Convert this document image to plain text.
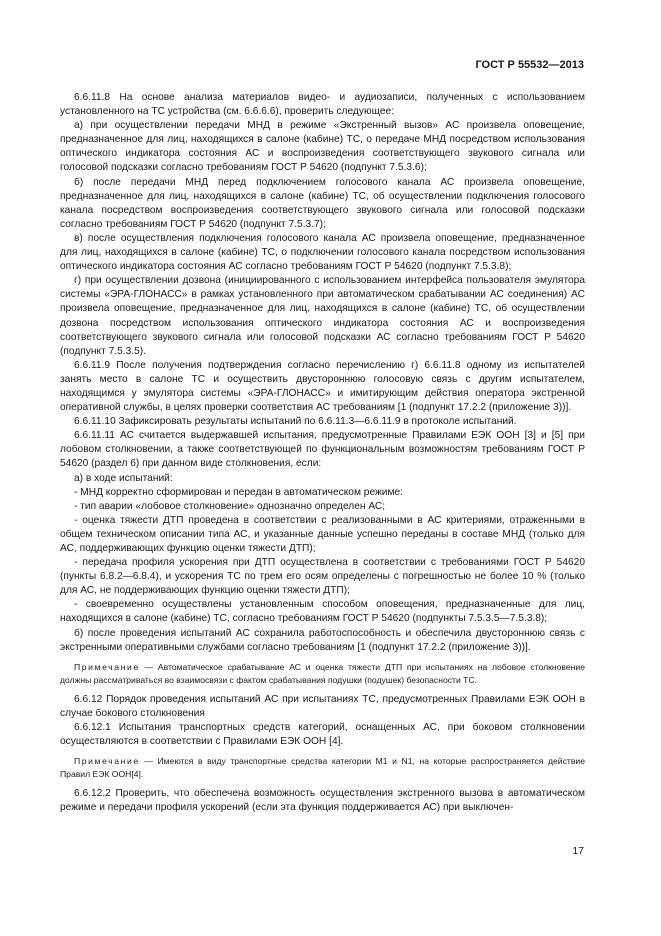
ГОСТ Р 55532—2013

6.6.11.8 На основе анализа материалов видео- и аудиозаписи, полученных с использованием установленного на ТС устройства (см. 6.6.6.6), проверить следующее:

а) при осуществлении передачи МНД в режиме «Экстренный вызов» АС произвела оповещение, предназначенное для лиц, находящихся в салоне (кабине) ТС, о передаче МНД посредством использования оптического индикатора состояния АС и воспроизведения соответствующего звукового сигнала или голосовой подсказки согласно требованиям ГОСТ Р 54620 (подпункт 7.5.3.6);

б) после передачи МНД перед подключением голосового канала АС произвела оповещение, предназначенное для лиц, находящихся в салоне (кабине) ТС, об осуществлении подключения голосового канала посредством воспроизведения соответствующего звукового сигнала или голосовой подсказки согласно требованиям ГОСТ Р 54620 (подпункт 7.5.3.7);

в) после осуществления подключения голосового канала АС произвела оповещение, предназначенное для лиц, находящихся в салоне (кабине) ТС, о подключении голосового канала посредством использования оптического индикатора состояния АС согласно требованиям ГОСТ Р 54620 (подпункт 7.5.3.8);

г) при осуществлении дозвона (инициированного с использованием интерфейса пользователя эмулятора системы «ЭРА-ГЛОНАСС» в рамках установленного при автоматическом срабатывании АС соединения) АС произвела оповещение, предназначенное для лиц, находящихся в салоне (кабине) ТС, об осуществлении дозвона посредством использования оптического индикатора состояния АС и воспроизведения соответствующего звукового сигнала или голосовой подсказки АС согласно требованиям ГОСТ Р 54620 (подпункт 7.5.3.5).

6.6.11.9 После получения подтверждения согласно перечислению г) 6.6.11.8 одному из испытателей занять место в салоне ТС и осуществить двустороннюю голосовую связь с другим испытателем, находящимся у эмулятора системы «ЭРА-ГЛОНАСС» и имитирующим действия оператора экстренной оперативной службы, в целях проверки соответствия АС требованиям [1 (подпункт 17.2.2 (приложение 3))].

6.6.11.10 Зафиксировать результаты испытаний по 6.6.11.3—6.6.11.9 в протоколе испытаний.

6.6.11.11 АС считается выдержавшей испытания, предусмотренные Правилами ЕЭК ООН [3] и [5] при лобовом столкновении, а также соответствующей по функциональным возможностям требованиям ГОСТ Р 54620 (раздел 6) при данном виде столкновения, если:

а) в ходе испытаний:

- МНД корректно сформирован и передан в автоматическом режиме:

- тип аварии «лобовое столкновение» однозначно определен АС;

- оценка тяжести ДТП проведена в соответствии с реализованными в АС критериями, отраженными в общем техническом описании типа АС, и указанные данные успешно переданы в составе МНД (только для АС, поддерживающих функцию оценки тяжести ДТП);

- передача профиля ускорения при ДТП осуществлена в соответствии с требованиями ГОСТ Р 54620 (пункты 6.8.2—6.8.4), и ускорения ТС по трем его осям определены с погрешностью не более 10 % (только для АС, не поддерживающих функцию оценки тяжести ДТП);

- своевременно осуществлены установленным способом оповещения, предназначенные для лиц, находящихся в салоне (кабине) ТС, согласно требованиям ГОСТ Р 54620 (подпункты 7.5.3.5—7.5.3.8);

б) после проведения испытаний АС сохранила работоспособность и обеспечила двустороннюю связь с экстренными оперативными службами согласно требованиям [1 (подпункт 17.2.2 (приложение 3))].

Примечание — Автоматическое срабатывание АС и оценка тяжести ДТП при испытаниях на лобовое столкновение должны рассматриваться во взаимосвязи с фактом срабатывания подушки (подушек) безопасности ТС.

6.6.12 Порядок проведения испытаний АС при испытаниях ТС, предусмотренных Правилами ЕЭК ООН в случае бокового столкновения

6.6.12.1 Испытания транспортных средств категорий, оснащенных АС, при боковом столкновении осуществляются в соответствии с Правилами ЕЭК ООН [4].

Примечание — Имеются в виду транспортные средства категории M1 и N1, на которые распространяется действие Правил ЕЭК ООН[4].

6.6.12.2 Проверить, что обеспечена возможность осуществления экстренного вызова в автоматическом режиме и передачи профиля ускорений (если эта функция поддерживается АС) при выключен-

17
